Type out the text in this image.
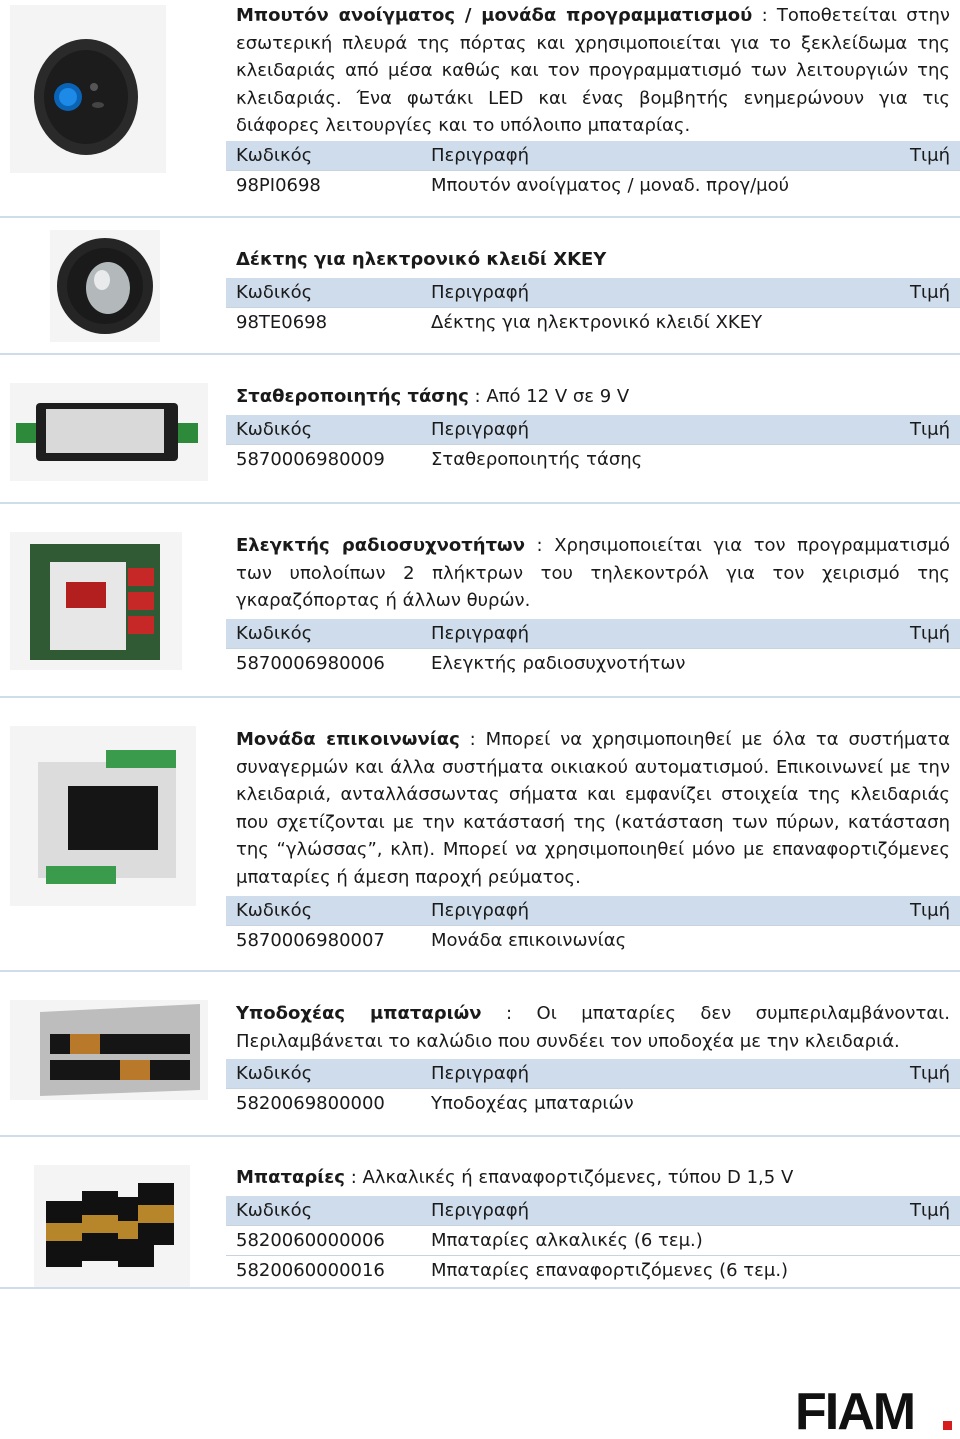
Μπουτόν ανοίγματος / μονάδα προγραμματισμού : Τοποθετείται στην εσωτερική πλευρά της πόρτας και χρησιμοποιείται για το ξεκλείδωμα της κλειδαριάς από μέσα καθώς και τον προγραμματισμό των λειτουργιών της κλειδαριάς. Ένα φωτάκι LED και ένας βομβητής ενημερώνουν για τις διάφορες λειτουργίες και το υπόλοιπο μπαταρίας.
Κωδικός	Περιγραφή	Τιμή
98PI0698	Μπουτόν ανοίγματος / μοναδ. προγ/μού
Δέκτης για ηλεκτρονικό κλειδί XKEY
Κωδικός	Περιγραφή	Τιμή
98TE0698	Δέκτης για ηλεκτρονικό κλειδί XKEY
Σταθεροποιητής τάσης : Από 12 V σε 9 V
Κωδικός	Περιγραφή	Τιμή
5870006980009	Σταθεροποιητής τάσης
Ελεγκτής ραδιοσυχνοτήτων : Χρησιμοποιείται για τον προγραμματισμό των υπολοίπων 2 πλήκτρων του τηλεκοντρόλ για τον χειρισμό της γκαραζόπορτας ή άλλων θυρών.
Κωδικός	Περιγραφή	Τιμή
5870006980006	Ελεγκτής ραδιοσυχνοτήτων
Μονάδα επικοινωνίας : Μπορεί να χρησιμοποιηθεί με όλα τα συστήματα συναγερμών και άλλα συστήματα οικιακού αυτοματισμού. Επικοινωνεί με την κλειδαριά, ανταλλάσσωντας σήματα και εμφανίζει στοιχεία της κλειδαριάς που σχετίζονται με την κατάστασή της (κατάσταση των πύρων, κατάσταση της “γλώσσας”, κλπ). Μπορεί να χρησιμοποιηθεί μόνο με επαναφορτιζόμενες μπαταρίες ή άμεση παροχή ρεύματος.
Κωδικός	Περιγραφή	Τιμή
5870006980007	Μονάδα επικοινωνίας
Υποδοχέας μπαταριών : Οι μπαταρίες δεν συμπεριλαμβάνονται. Περιλαμβάνεται το καλώδιο που συνδέει τον υποδοχέα με την κλειδαριά.
Κωδικός	Περιγραφή	Τιμή
5820069800000	Υποδοχέας μπαταριών
Μπαταρίες : Αλκαλικές ή επαναφορτιζόμενες, τύπου D 1,5 V
Κωδικός	Περιγραφή	Τιμή
5820060000006	Μπαταρίες αλκαλικές (6 τεμ.)
5820060000016	Μπαταρίες επαναφορτιζόμενες (6 τεμ.)
FIAM
